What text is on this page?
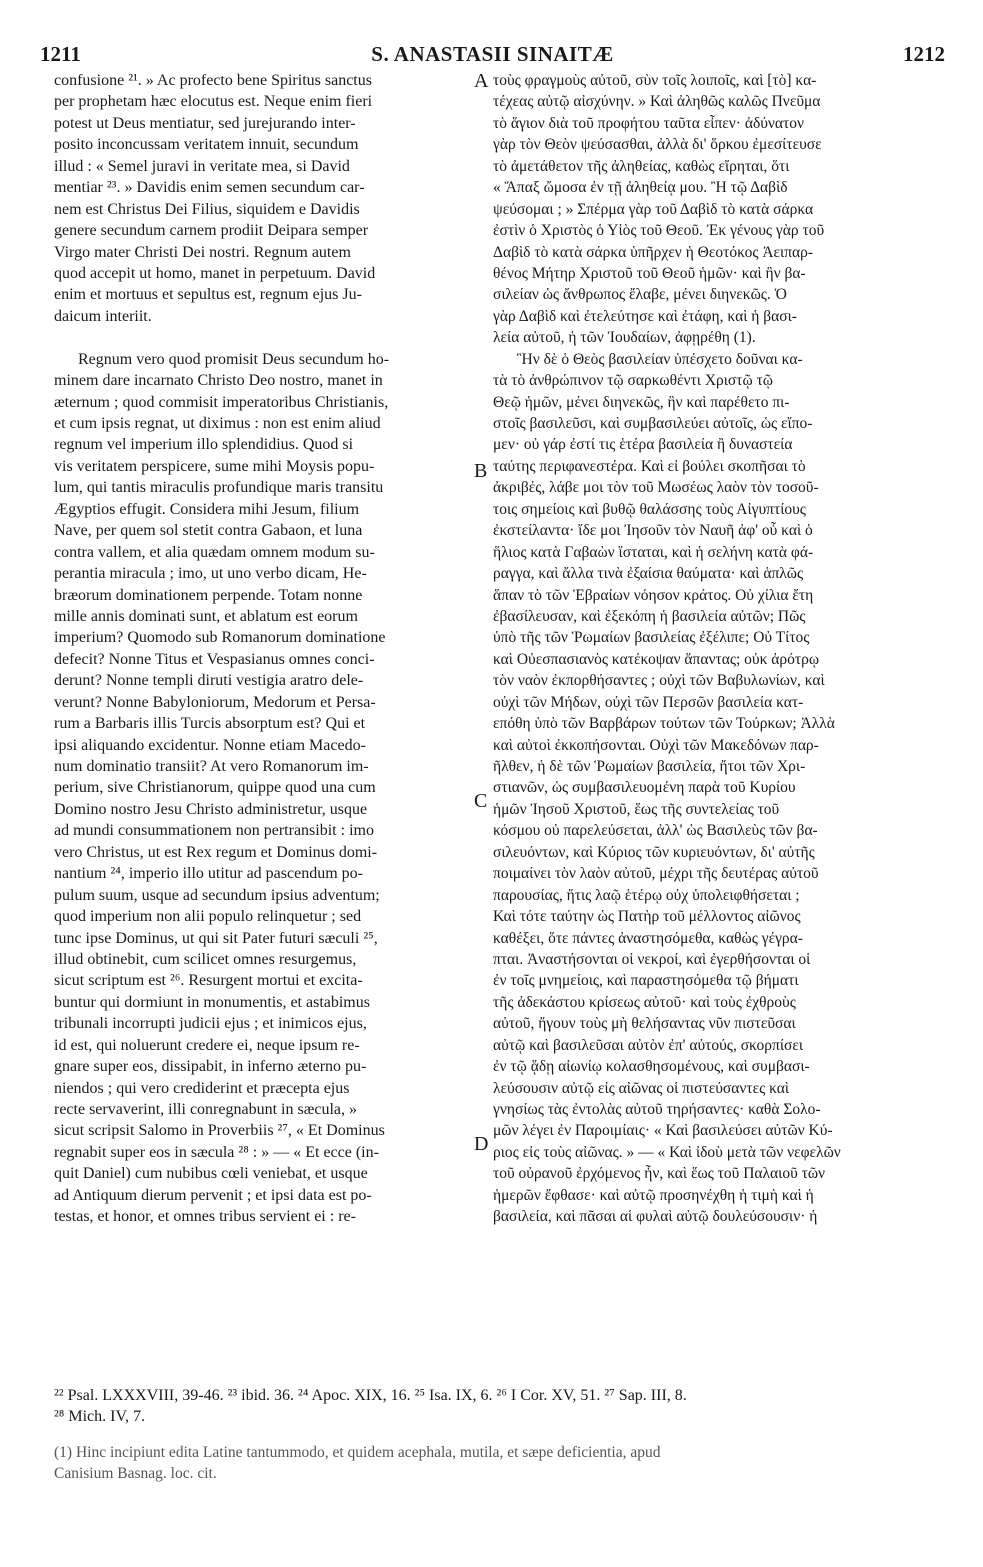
1211	S. ANASTASII SINAITÆ	1212
confusione ²¹. » Ac profecto bene Spiritus sanctus
per prophetam hæc elocutus est. Neque enim fieri
potest ut Deus mentiatur, sed jurejurando inter-
posito inconcussam veritatem innuit, secundum
illud : « Semel juravi in veritate mea, si David
mentiar ²³. » Davidis enim semen secundum car-
nem est Christus Dei Filius, siquidem e Davidis
genere secundum carnem prodiit Deipara semper
Virgo mater Christi Dei nostri. Regnum autem
quod accepit ut homo, manet in perpetuum. David
enim et mortuus et sepultus est, regnum ejus Ju-
daicum interiit.
Regnum vero quod promisit Deus secundum ho-
minem dare incarnato Christo Deo nostro, manet in
æternum ; quod commisit imperatoribus Christianis,
et cum ipsis regnat, ut diximus : non est enim aliud
regnum vel imperium illo splendidius. Quod si
vis veritatem perspicere, sume mihi Moysis popu-
lum, qui tantis miraculis profundique maris transitu
Ægyptios effugit. Considera mihi Jesum, filium
Nave, per quem sol stetit contra Gabaon, et luna
contra vallem, et alia quædam omnem modum su-
perantia miracula ; imo, ut uno verbo dicam, He-
bræorum dominationem perpende. Totam nonne
mille annis dominati sunt, et ablatum est eorum
imperium? Quomodo sub Romanorum dominatione
defecit? Nonne Titus et Vespasianus omnes conci-
derunt? Nonne templi diruti vestigia aratro dele-
verunt? Nonne Babyloniorum, Medorum et Persa-
rum a Barbaris illis Turcis absorptum est? Qui et
ipsi aliquando excidentur. Nonne etiam Macedo-
num dominatio transiit? At vero Romanorum im-
perium, sive Christianorum, quippe quod una cum
Domino nostro Jesu Christo administretur, usque
ad mundi consummationem non pertransibit : imo
vero Christus, ut est Rex regum et Dominus domi-
nantium ²⁴, imperio illo utitur ad pascendum po-
pulum suum, usque ad secundum ipsius adventum;
quod imperium non alii populo relinquetur ; sed
tunc ipse Dominus, ut qui sit Pater futuri sæculi ²⁵,
illud obtinebit, cum scilicet omnes resurgemus,
sicut scriptum est ²⁶. Resurgent mortui et excita-
buntur qui dormiunt in monumentis, et astabimus
tribunali incorrupti judicii ejus ; et inimicos ejus,
id est, qui noluerunt credere ei, neque ipsum re-
gnare super eos, dissipabit, in inferno æterno pu-
niendos ; qui vero crediderint et præcepta ejus
recte servaverint, illi conregnabunt in sæcula, »
sicut scripsit Salomo in Proverbiis ²⁷, « Et Dominus
regnabit super eos in sæcula ²⁸ : » — « Et ecce (in-
quit Daniel) cum nubibus cœli veniebat, et usque
ad Antiquum dierum pervenit ; et ipsi data est po-
testas, et honor, et omnes tribus servient ei : re-
τοὺς φραγμοὺς αὐτοῦ, σὺν τοῖς λοιποῖς, καὶ [τὸ] κα-
τέχεας αὐτῷ αἰσχύνην. » Καὶ ἀληθῶς καλῶς Πνεῦμα
τὸ ἅγιον διὰ τοῦ προφήτου ταῦτα εἶπεν· ἀδύνατον
γὰρ τὸν Θεὸν ψεύσασθαι, ἀλλὰ δι' ὅρκου ἐμεσίτευσε
τὸ ἀμετάθετον τῆς ἀληθείας, καθὼς εἴρηται, ὅτι
« Ἅπαξ ὤμοσα ἐν τῇ ἀληθείᾳ μου. Ἢ τῷ Δαβὶδ
ψεύσομαι ; » Σπέρμα γὰρ τοῦ Δαβὶδ τὸ κατὰ σάρκα
ἐστὶν ὁ Χριστὸς ὁ Υἱὸς τοῦ Θεοῦ. Ἐκ γένους γὰρ τοῦ
Δαβὶδ τὸ κατὰ σάρκα ὑπῆρχεν ἡ Θεοτόκος Ἀειπαρ-
θένος Μήτηρ Χριστοῦ τοῦ Θεοῦ ἡμῶν· καὶ ἣν βα-
σιλείαν ὡς ἄνθρωπος ἔλαβε, μένει διηνεκῶς. Ὁ
γὰρ Δαβὶδ καὶ ἐτελεύτησε καὶ ἐτάφη, καὶ ἡ βασι-
λεία αὐτοῦ, ἡ τῶν Ἰουδαίων, ἀφῃρέθη (1).
Ἣν δὲ ὁ Θεὸς βασιλείαν ὑπέσχετο δοῦναι κα-
τὰ τὸ ἀνθρώπινον τῷ σαρκωθέντι Χριστῷ τῷ
Θεῷ ἡμῶν, μένει διηνεκῶς, ἣν καὶ παρέθετο πι-
στοῖς βασιλεῦσι, καὶ συμβασιλεύει αὐτοῖς, ὡς εἴπο-
μεν· οὐ γάρ ἐστί τις ἑτέρα βασιλεία ἢ δυναστεία
ταύτης περιφανεστέρα. Καὶ εἰ βούλει σκοπῆσαι τὸ
ἀκριβές, λάβε μοι τὸν τοῦ Μωσέως λαὸν τὸν τοσοῦ-
τοις σημείοις καὶ βυθῷ θαλάσσης τοὺς Αἰγυπτίους
ἐκστείλαντα· ἴδε μοι Ἰησοῦν τὸν Ναυῆ ἀφ' οὗ καὶ ὁ
ἥλιος κατὰ Γαβαὼν ἵσταται, καὶ ἡ σελήνη κατὰ φά-
ραγγα, καὶ ἄλλα τινὰ ἐξαίσια θαύματα· καὶ ἁπλῶς
ἅπαν τὸ τῶν Ἑβραίων νόησον κράτος. Οὐ χίλια ἔτη
ἐβασίλευσαν, καὶ ἐξεκόπη ἡ βασιλεία αὐτῶν; Πῶς
ὑπὸ τῆς τῶν Ῥωμαίων βασιλείας ἐξέλιπε; Οὐ Τίτος
καὶ Οὐεσπασιανὸς κατέκοψαν ἅπαντας; οὐκ ἀρότρῳ
τὸν ναὸν ἐκπορθήσαντες ; οὐχὶ τῶν Βαβυλωνίων, καὶ
οὐχὶ τῶν Μήδων, οὐχὶ τῶν Περσῶν βασιλεία κατ-
επόθη ὑπὸ τῶν Βαρβάρων τούτων τῶν Τούρκων; Ἀλλὰ
καὶ αὐτοὶ ἐκκοπήσονται. Οὐχὶ τῶν Μακεδόνων παρ-
ῆλθεν, ἡ δὲ τῶν Ῥωμαίων βασιλεία, ἤτοι τῶν Χρι-
στιανῶν, ὡς συμβασιλευομένη παρὰ τοῦ Κυρίου
ἡμῶν Ἰησοῦ Χριστοῦ, ἕως τῆς συντελείας τοῦ
κόσμου οὐ παρελεύσεται, ἀλλ' ὡς Βασιλεὺς τῶν βα-
σιλευόντων, καὶ Κύριος τῶν κυριευόντων, δι' αὐτῆς
ποιμαίνει τὸν λαὸν αὐτοῦ, μέχρι τῆς δευτέρας αὐτοῦ
παρουσίας, ἥτις λαῷ ἑτέρῳ οὐχ ὑπολειφθήσεται ;
Καὶ τότε ταύτην ὡς Πατὴρ τοῦ μέλλοντος αἰῶνος
καθέξει, ὅτε πάντες ἀναστησόμεθα, καθὼς γέγρα-
πται. Ἀναστήσονται οἱ νεκροί, καὶ ἐγερθήσονται οἱ
ἐν τοῖς μνημείοις, καὶ παραστησόμεθα τῷ βήματι
τῆς ἀδεκάστου κρίσεως αὐτοῦ· καὶ τοὺς ἐχθροὺς
αὐτοῦ, ἤγουν τοὺς μὴ θελήσαντας νῦν πιστεῦσαι
αὐτῷ καὶ βασιλεῦσαι αὐτὸν ἐπ' αὐτούς, σκορπίσει
ἐν τῷ ᾅδῃ αἰωνίῳ κολασθησομένους, καὶ συμβασι-
λεύσουσιν αὐτῷ εἰς αἰῶνας οἱ πιστεύσαντες καὶ
γνησίως τὰς ἐντολὰς αὐτοῦ τηρήσαντες· καθὰ Σολο-
μῶν λέγει ἐν Παροιμίαις· « Καὶ βασιλεύσει αὐτῶν Κύ-
ριος εἰς τοὺς αἰῶνας. » — « Καὶ ἰδοὺ μετὰ τῶν νεφελῶν
τοῦ οὐρανοῦ ἐρχόμενος ἦν, καὶ ἕως τοῦ Παλαιοῦ τῶν
ἡμερῶν ἔφθασε· καὶ αὐτῷ προσηνέχθη ἡ τιμὴ καὶ ἡ
βασιλεία, καὶ πᾶσαι αἱ φυλαὶ αὐτῷ δουλεύσουσιν· ἡ
A
B
C
D
²² Psal. LXXXVIII, 39-46. ²³ ibid. 36. ²⁴ Apoc. XIX, 16. ²⁵ Isa. IX, 6. ²⁶ I Cor. XV, 51. ²⁷ Sap. III, 8.
²⁸ Mich. IV, 7.
(1) Hinc incipiunt edita Latine tantummodo, et quidem acephala, mutila, et sæpe deficientia, apud
Canisium Basnag. loc. cit.
